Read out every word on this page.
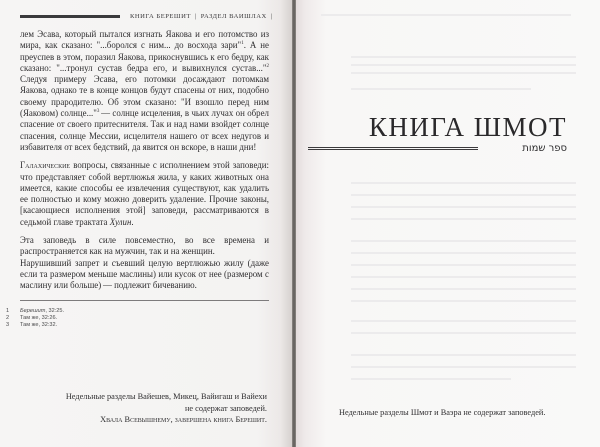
КНИГА БЕРЕШИТ | РАЗДЕЛ ВАИШЛАХ |

лем Эсава, который пытался изгнать Яакова и его потомство из мира, как сказано: "...боролся с ним... до восхода зари"$^1$. А не преуспев в этом, поразил Яакова, прикоснувшись к его бедру, как сказано: "...тронул сустав бедра его, и вывихнулся сустав..."$^2$ Следуя примеру Эсава, его потомки досаждают потомкам Яакова, однако те в конце концов будут спасены от них, подобно своему прародителю. Об этом сказано: "И взошло перед ним (Яаковом) солнце..."$^3$ — солнце исцеления, в чьих лучах он обрел спасение от своего притеснителя. Так и над нами взойдет солнце спасения, солнце Мессии, исцелителя нашего от всех недугов и избавителя от всех бедствий, да явится он вскоре, в наши дни!

Галахические вопросы, связанные с исполнением этой заповеди: что представляет собой вертлюжья жила, у каких животных она имеется, какие способы ее извлечения существуют, как удалить ее полностью и кому можно доверить удаление. Прочие законы, [касающиеся исполнения этой] заповеди, рассматриваются в седьмой главе трактата Хулин.

Эта заповедь в силе повсеместно, во все времена и распространяется как на мужчин, так и на женщин.

Нарушивший запрет и съевший целую вертлюжью жилу (даже если та размером меньше маслины) или кусок от нее (размером с маслину или больше) — подлежит бичеванию.

1	Берешит, 32:25.
2	Там же, 32:26.
3	Там же, 32:32.
Недельные разделы Вайешев, Микец, Вайигаш и Вайехи
не содержат заповедей.
Хвала Всевышнему, завершена книга Берешит.
КНИГА ШМОТ
ספר שמות
Недельные разделы Шмот и Ваэра не содержат заповедей.
